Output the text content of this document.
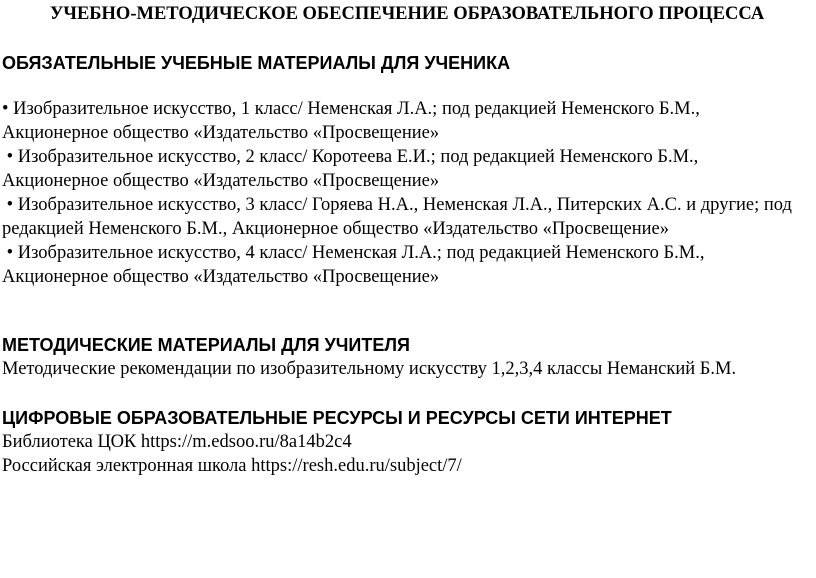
УЧЕБНО-МЕТОДИЧЕСКОЕ ОБЕСПЕЧЕНИЕ ОБРАЗОВАТЕЛЬНОГО ПРОЦЕССА
ОБЯЗАТЕЛЬНЫЕ УЧЕБНЫЕ МАТЕРИАЛЫ ДЛЯ УЧЕНИКА
• Изобразительное искусство, 1 класс/ Неменская Л.А.; под редакцией Неменского Б.М., Акционерное общество «Издательство «Просвещение»
• Изобразительное искусство, 2 класс/ Коротеева Е.И.; под редакцией Неменского Б.М., Акционерное общество «Издательство «Просвещение»
• Изобразительное искусство, 3 класс/ Горяева Н.А., Неменская Л.А., Питерских А.С. и другие; под редакцией Неменского Б.М., Акционерное общество «Издательство «Просвещение»
• Изобразительное искусство, 4 класс/ Неменская Л.А.; под редакцией Неменского Б.М., Акционерное общество «Издательство «Просвещение»
МЕТОДИЧЕСКИЕ МАТЕРИАЛЫ ДЛЯ УЧИТЕЛЯ

Методические рекомендации по изобразительному искусству 1,2,3,4 классы Неманский Б.М.

ЦИФРОВЫЕ ОБРАЗОВАТЕЛЬНЫЕ РЕСУРСЫ И РЕСУРСЫ СЕТИ ИНТЕРНЕТ

Библиотека ЦОК https://m.edsoo.ru/8a14b2c4

Российская электронная школа https://resh.edu.ru/subject/7/
